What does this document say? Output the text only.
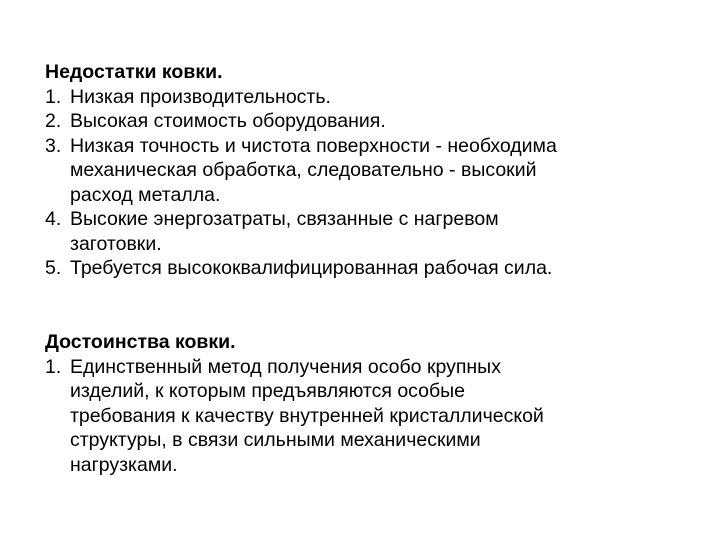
Недостатки ковки.

1. Низкая производительность.
2. Высокая стоимость оборудования.
3. Низкая точность и чистота поверхности - необходима
механическая обработка, следовательно - высокий
расход металла.
4. Высокие энергозатраты, связанные с нагревом
заготовки.
5. Требуется высококвалифицированная рабочая сила.

Достоинства ковки.

1. Единственный метод получения особо крупных
изделий, к которым предъявляются особые
требования к качеству внутренней кристаллической
структуры, в связи сильными механическими
нагрузками.
